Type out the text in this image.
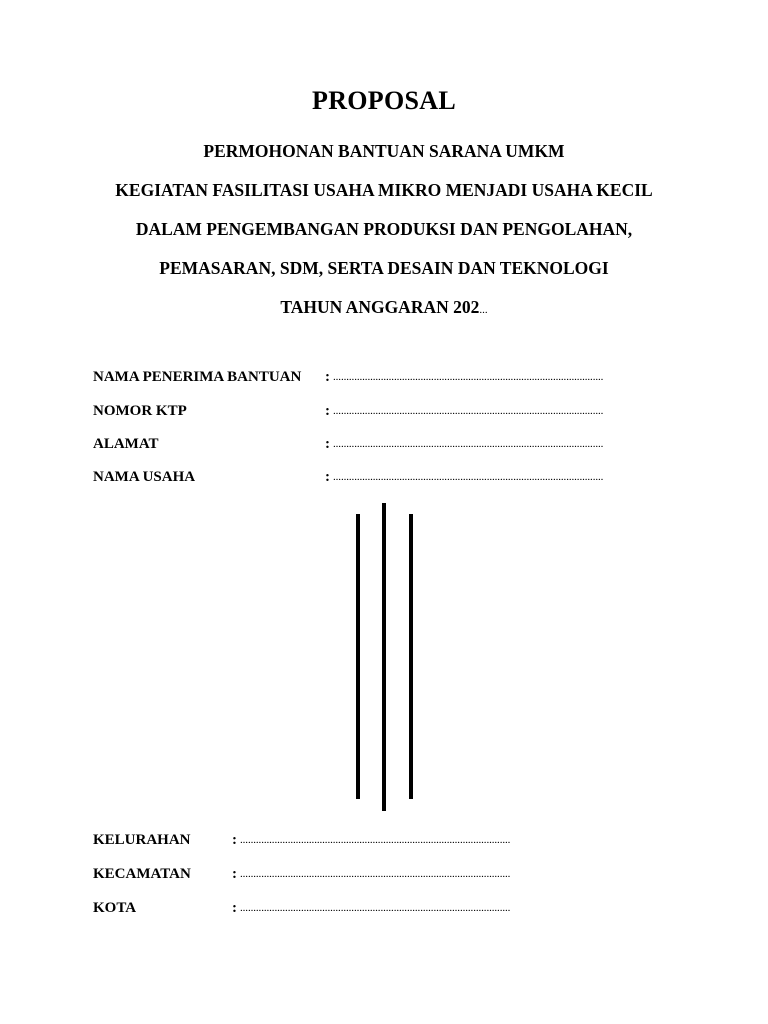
PROPOSAL
PERMOHONAN BANTUAN SARANA UMKM
KEGIATAN FASILITASI USAHA MIKRO MENJADI USAHA KECIL
DALAM PENGEMBANGAN PRODUKSI DAN PENGOLAHAN,
PEMASARAN, SDM, SERTA DESAIN DAN TEKNOLOGI
TAHUN ANGGARAN 202...
NAMA PENERIMA BANTUAN : ......................................................................................................
NOMOR KTP	: ......................................................................................................
ALAMAT	: ......................................................................................................
NAMA USAHA	: ......................................................................................................
KELURAHAN	: ......................................................................................................
KECAMATAN	: ......................................................................................................
KOTA	: ......................................................................................................
